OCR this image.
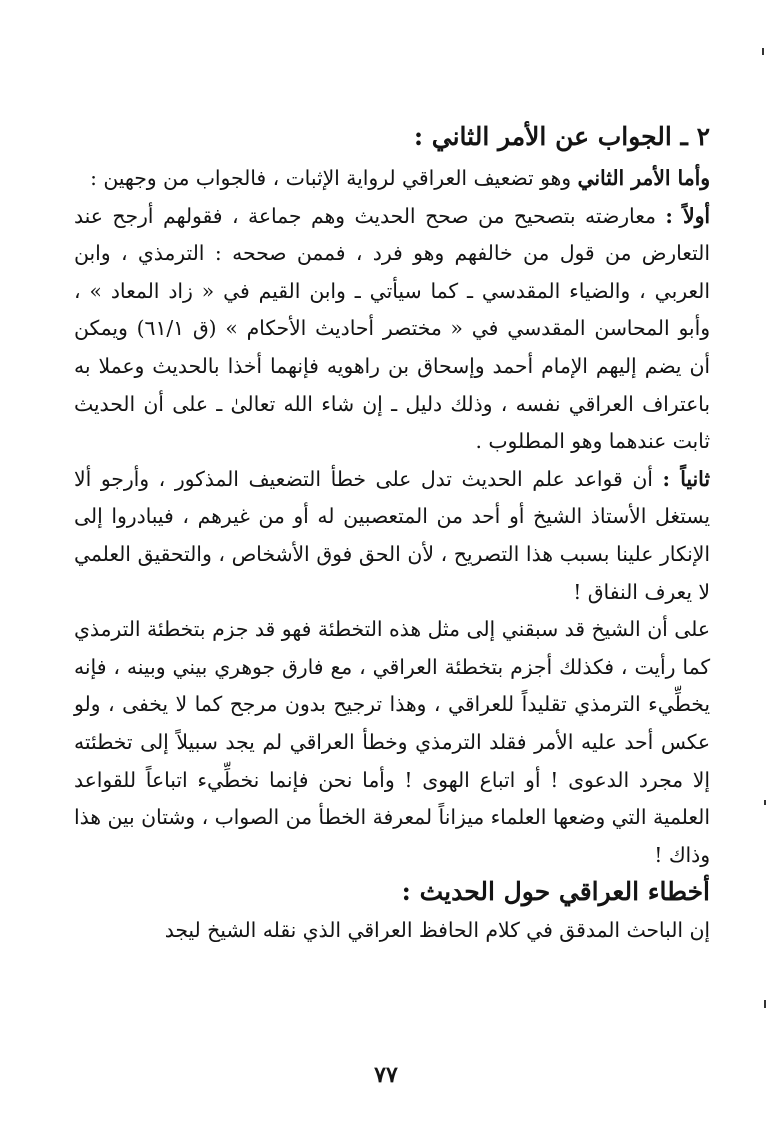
٢ ـ الجواب عن الأمر الثاني :

وأما الأمر الثاني وهو تضعيف العراقي لرواية الإثبات ، فالجواب من وجهين :

أولاً : معارضته بتصحيح من صحح الحديث وهم جماعة ، فقولهم أرجح عند التعارض من قول من خالفهم وهو فرد ، فممن صححه : الترمذي ، وابن العربي ، والضياء المقدسي ـ كما سيأتي ـ وابن القيم في « زاد المعاد » ، وأبو المحاسن المقدسي في « مختصر أحاديث الأحكام » (ق ٦١/١) ويمكن أن يضم إليهم الإمام أحمد وإسحاق بن راهويه فإنهما أخذا بالحديث وعملا به باعتراف العراقي نفسه ، وذلك دليل ـ إن شاء الله تعالىٰ ـ على أن الحديث ثابت عندهما وهو المطلوب .

ثانياً : أن قواعد علم الحديث تدل على خطأ التضعيف المذكور ، وأرجو ألا يستغل الأستاذ الشيخ أو أحد من المتعصبين له أو من غيرهم ، فيبادروا إلى الإنكار علينا بسبب هذا التصريح ، لأن الحق فوق الأشخاص ، والتحقيق العلمي لا يعرف النفاق !

على أن الشيخ قد سبقني إلى مثل هذه التخطئة فهو قد جزم بتخطئة الترمذي كما رأيت ، فكذلك أجزم بتخطئة العراقي ، مع فارق جوهري بيني وبينه ، فإنه يخطِّيء الترمذي تقليداً للعراقي ، وهذا ترجيح بدون مرجح كما لا يخفى ، ولو عكس أحد عليه الأمر فقلد الترمذي وخطأ العراقي لم يجد سبيلاً إلى تخطئته إلا مجرد الدعوى ! أو اتباع الهوى ! وأما نحن فإنما نخطِّيء اتباعاً للقواعد العلمية التي وضعها العلماء ميزاناً لمعرفة الخطأ من الصواب ، وشتان بين هذا وذاك !

أخطاء العراقي حول الحديث :

إن الباحث المدقق في كلام الحافظ العراقي الذي نقله الشيخ ليجد

٧٧
